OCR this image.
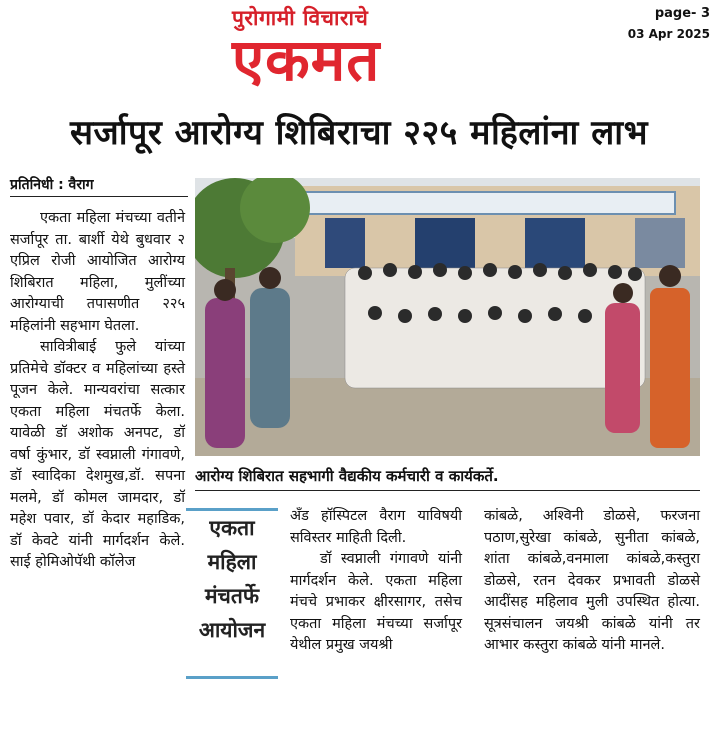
पुरोगामी विचाराचे
एकमत
page- 3
03 Apr 2025
सर्जापूर आरोग्य शिबिराचा २२५ महिलांना लाभ
प्रतिनिधी : वैराग
आरोग्य शिबिरात सहभागी वैद्यकीय कर्मचारी व कार्यकर्ते.

एकता महिला मंचच्या वतीने सर्जापूर ता. बार्शी येथे बुधवार २ एप्रिल रोजी आयोजित आरोग्य शिबिरात महिला, मुलींच्या आरोग्याची तपासणीत २२५ महिलांनी सहभाग घेतला.

सावित्रीबाई फुले यांच्या प्रतिमेचे डॉक्टर व महिलांच्या हस्ते पूजन केले. मान्यवरांचा सत्कार एकता महिला मंचतर्फे केला. यावेळी डॉ अशोक अनपट, डॉ वर्षा कुंभार, डॉ स्वप्नाली गंगावणे, डॉ स्वादिका देशमुख,डॉ. सपना मलमे, डॉ कोमल जामदार, डॉ महेश पवार, डॉ केदार महाडिक, डॉ केवटे यांनी मार्गदर्शन केले. साई होमिओपॅथी कॉलेज

एकता
महिला
मंचतर्फे
आयोजन

अँड हॉस्पिटल वैराग याविषयी सविस्तर माहिती दिली.

डॉ स्वप्नाली गंगावणे यांनी मार्गदर्शन केले. एकता महिला मंचचे प्रभाकर क्षीरसागर, तसेच एकता महिला मंचच्या सर्जापूर येथील प्रमुख जयश्री

कांबळे, अश्विनी डोळसे, फरजना पठाण,सुरेखा कांबळे, सुनीता कांबळे, शांता कांबळे,वनमाला कांबळे,कस्तुरा डोळसे, रतन देवकर प्रभावती डोळसे आदींसह महिलाव मुली उपस्थित होत्या. सूत्रसंचालन जयश्री कांबळे यांनी तर आभार कस्तुरा कांबळे यांनी मानले.
